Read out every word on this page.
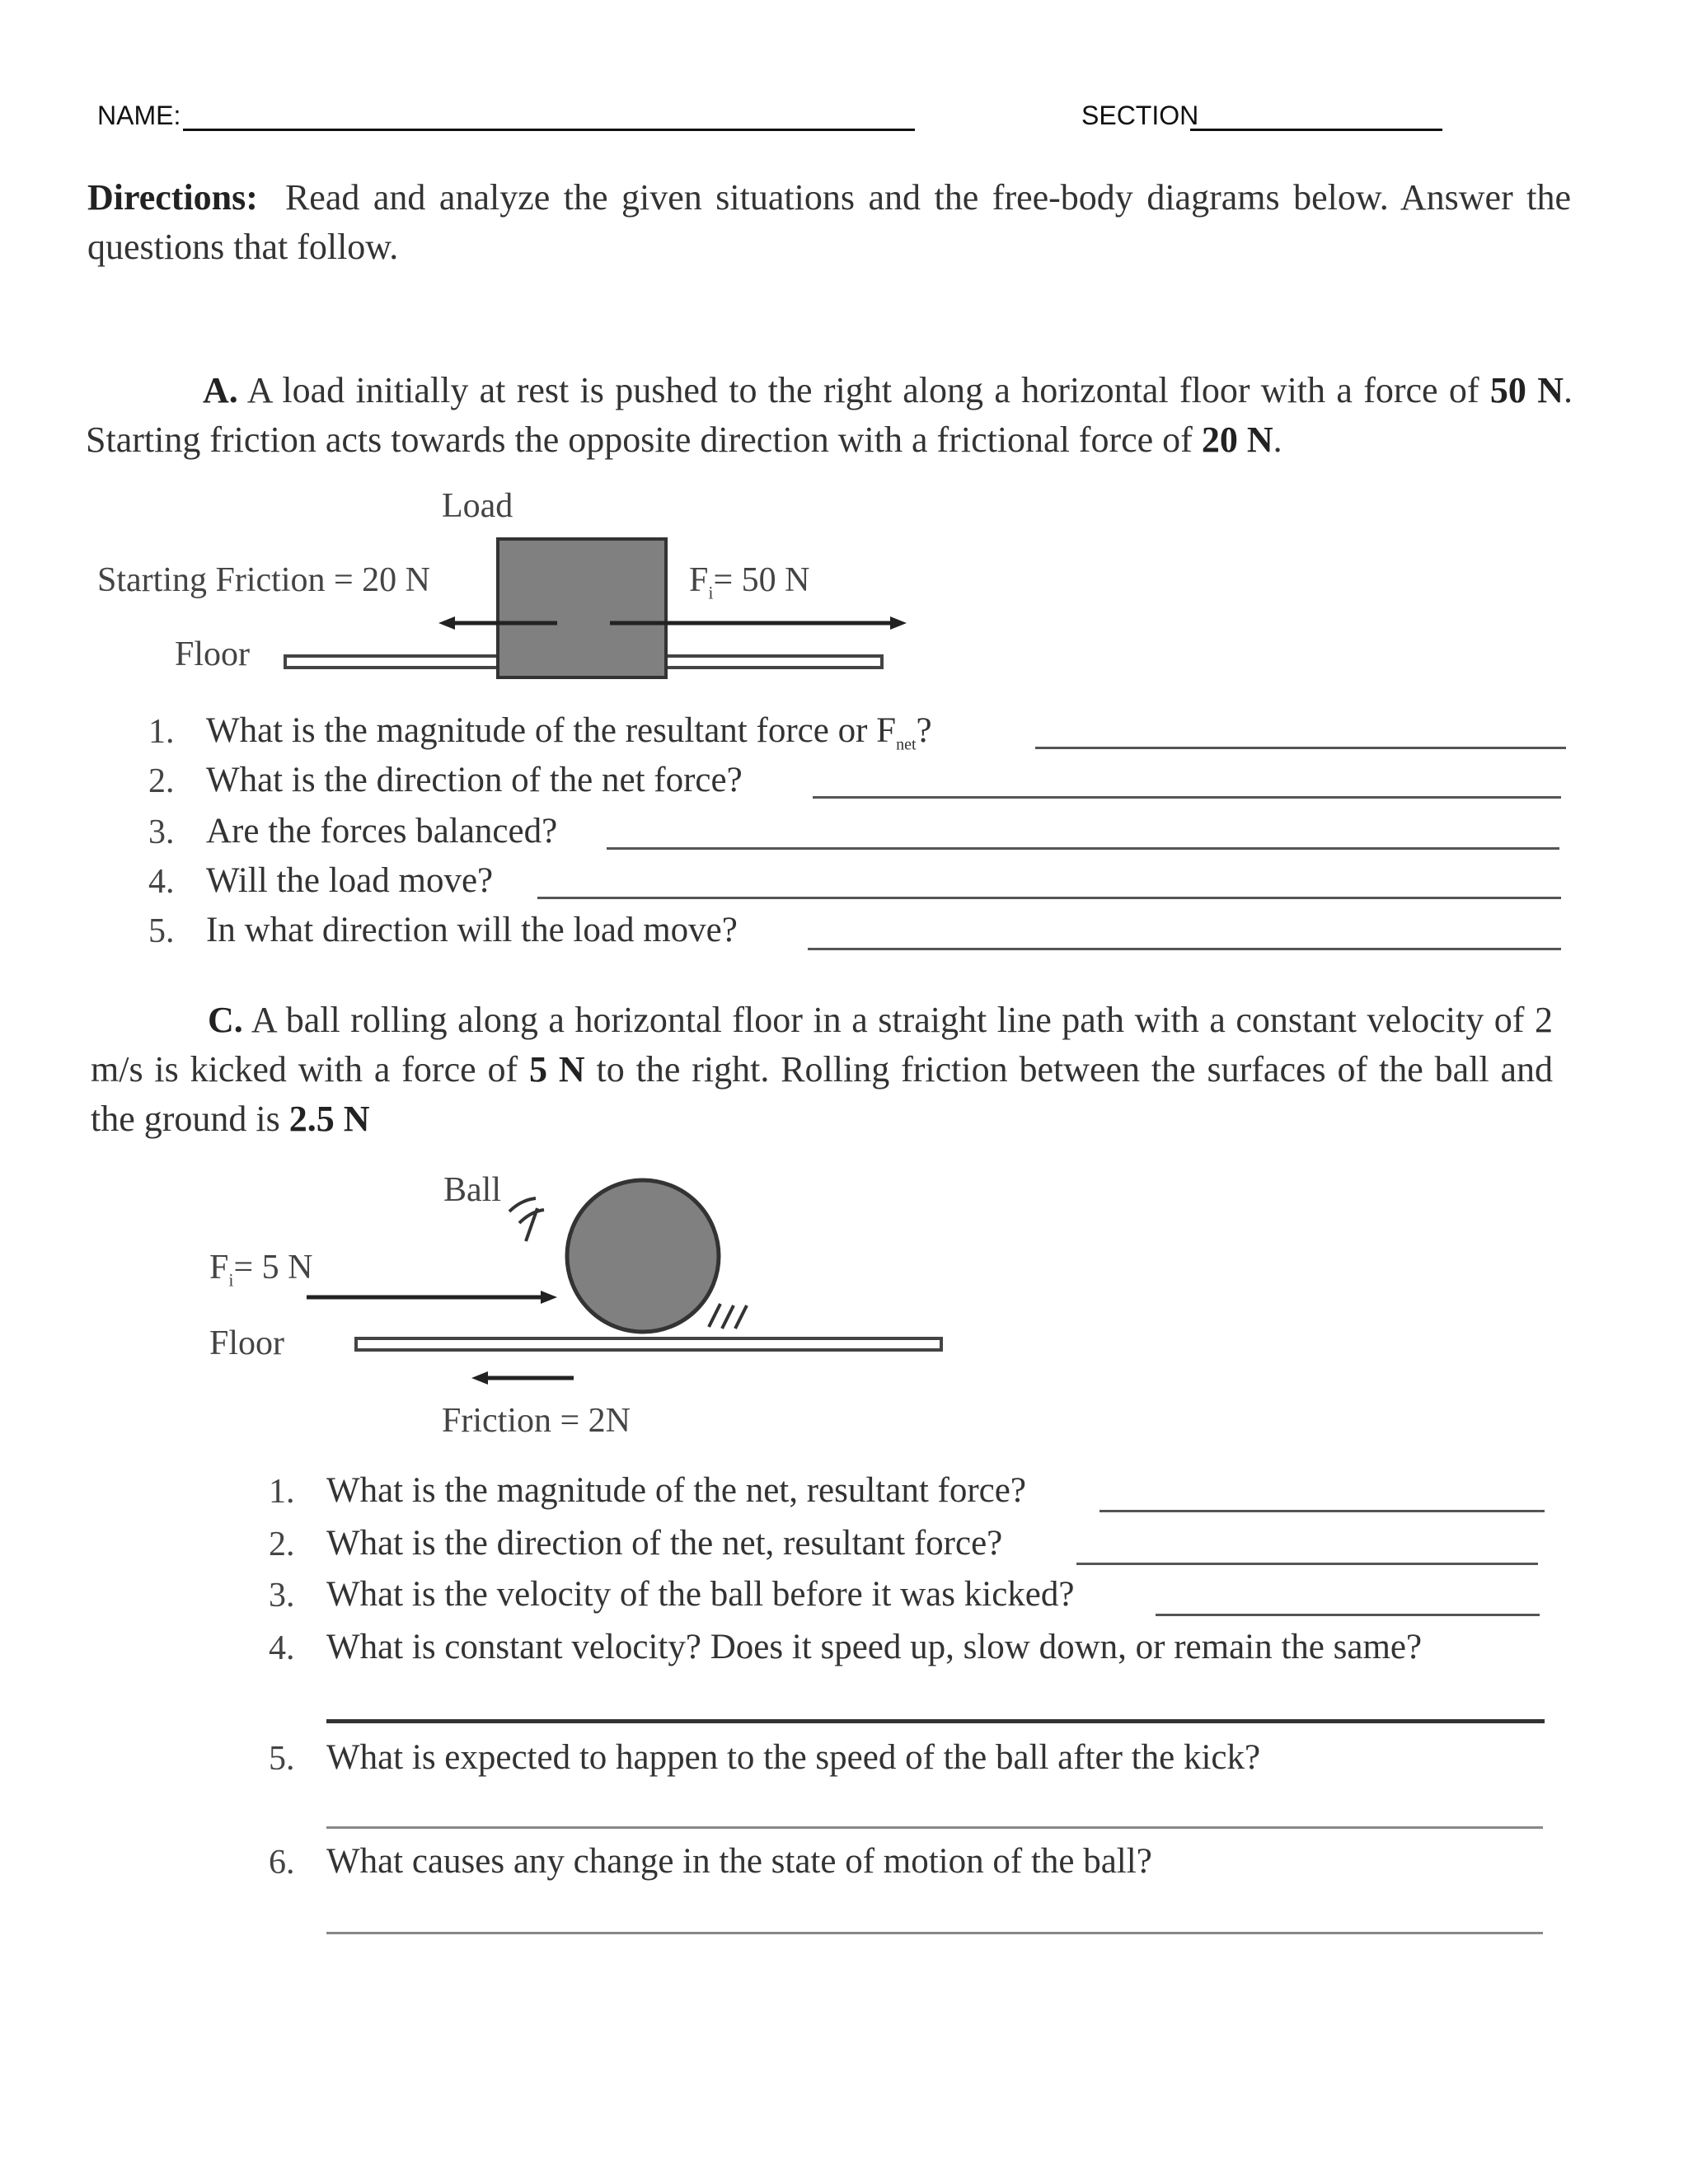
NAME:	SECTION
Directions: Read and analyze the given situations and the free-body diagrams below. Answer the questions that follow.
A. A load initially at rest is pushed to the right along a horizontal floor with a force of 50 N. Starting friction acts towards the opposite direction with a frictional force of 20 N.
Load
Starting Friction = 20 N	$F_i= 50$ N
Floor
1. What is the magnitude of the resultant force or $F_{net}$?
2. What is the direction of the net force?
3. Are the forces balanced?
4. Will the load move?
5. In what direction will the load move?
C. A ball rolling along a horizontal floor in a straight line path with a constant velocity of 2 m/s is kicked with a force of 5 N to the right. Rolling friction between the surfaces of the ball and the ground is 2.5 N
Ball
$F_i= 5$ N
Floor
Friction = 2N
1. What is the magnitude of the net, resultant force?
2. What is the direction of the net, resultant force?
3. What is the velocity of the ball before it was kicked?
4. What is constant velocity? Does it speed up, slow down, or remain the same?
5. What is expected to happen to the speed of the ball after the kick?
6. What causes any change in the state of motion of the ball?
